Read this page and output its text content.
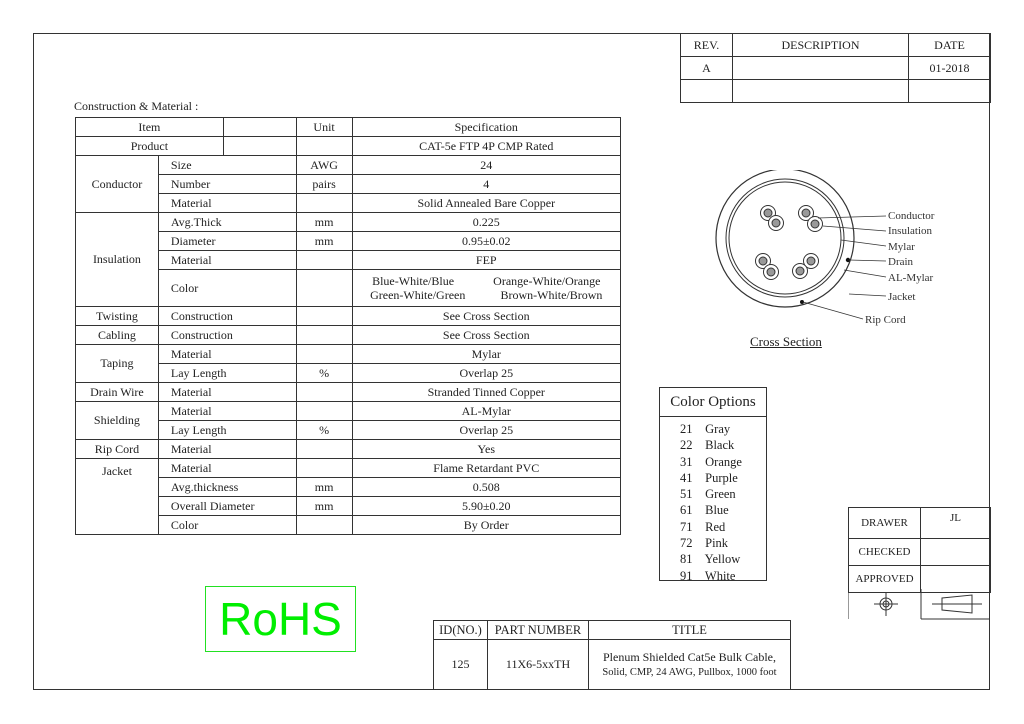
REV.	DESCRIPTION	DATE
A		01-2018

Construction & Material :
Item			Unit	Specification
Product				CAT-5e FTP 4P CMP Rated
Conductor	Size		AWG	24
	Number		pairs	4
	Material			Solid Annealed Bare Copper
Insulation	Avg.Thick		mm	0.225
	Diameter		mm	0.95±0.02
	Material			FEP
	Color			Blue-White/Blue Orange-White/Orange
Green-White/Green Brown-White/Brown

Twisting	Construction			See Cross Section
Cabling	Construction			See Cross Section
Taping	Material			Mylar
	Lay Length		%	Overlap 25
Drain Wire	Material			Stranded Tinned Copper
Shielding	Material			AL-Mylar
	Lay Length		%	Overlap 25
Rip Cord	Material			Yes
Jacket	Material			Flame Retardant PVC
	Avg.thickness		mm	0.508
	Overall Diameter		mm	5.90±0.20
	Color			By Order
Conductor
Insulation
Mylar
Drain
AL-Mylar
Jacket
Rip Cord
Cross Section
Color Options
21 Gray
22 Black
31 Orange
41 Purple
51 Green
61 Blue
71 Red
72 Pink
81 Yellow
91 White
DRAWER	JL
CHECKED	
APPROVED	
RoHS	ID(NO.)	PART NUMBER	TITLE
125	11X6-5xxTH	Plenum Shielded Cat5e Bulk Cable,
Solid, CMP, 24 AWG, Pullbox, 1000 foot
